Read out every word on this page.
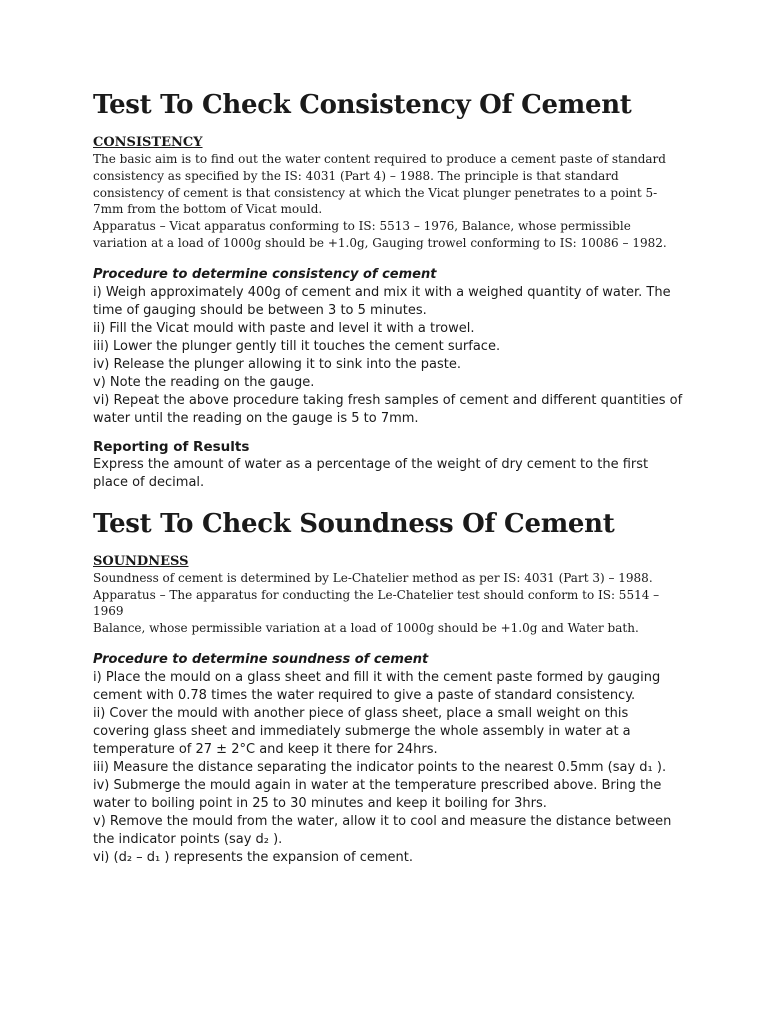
Test To Check Consistency Of Cement
CONSISTENCY

The basic aim is to find out the water content required to produce a cement paste of standard consistency as specified by the IS: 4031 (Part 4) – 1988. The principle is that standard consistency of cement is that consistency at which the Vicat plunger penetrates to a point 5-7mm from the bottom of Vicat mould.

Apparatus – Vicat apparatus conforming to IS: 5513 – 1976, Balance, whose permissible variation at a load of 1000g should be +1.0g, Gauging trowel conforming to IS: 10086 – 1982.

Procedure to determine consistency of cement
i) Weigh approximately 400g of cement and mix it with a weighed quantity of water. The time of gauging should be between 3 to 5 minutes.
ii) Fill the Vicat mould with paste and level it with a trowel.
iii) Lower the plunger gently till it touches the cement surface.
iv) Release the plunger allowing it to sink into the paste.
v) Note the reading on the gauge.
vi) Repeat the above procedure taking fresh samples of cement and different quantities of water until the reading on the gauge is 5 to 7mm.
Reporting of Results

Express the amount of water as a percentage of the weight of dry cement to the first place of decimal.

Test To Check Soundness Of Cement
SOUNDNESS

Soundness of cement is determined by Le-Chatelier method as per IS: 4031 (Part 3) – 1988.

Apparatus – The apparatus for conducting the Le-Chatelier test should conform to IS: 5514 – 1969

Balance, whose permissible variation at a load of 1000g should be +1.0g and Water bath.

Procedure to determine soundness of cement
i) Place the mould on a glass sheet and fill it with the cement paste formed by gauging cement with 0.78 times the water required to give a paste of standard consistency.
ii) Cover the mould with another piece of glass sheet, place a small weight on this covering glass sheet and immediately submerge the whole assembly in water at a temperature of 27 ± 2°C and keep it there for 24hrs.
iii) Measure the distance separating the indicator points to the nearest 0.5mm (say d₁ ).
iv) Submerge the mould again in water at the temperature prescribed above. Bring the water to boiling point in 25 to 30 minutes and keep it boiling for 3hrs.
v) Remove the mould from the water, allow it to cool and measure the distance between the indicator points (say d₂ ).
vi) (d₂ – d₁ ) represents the expansion of cement.
